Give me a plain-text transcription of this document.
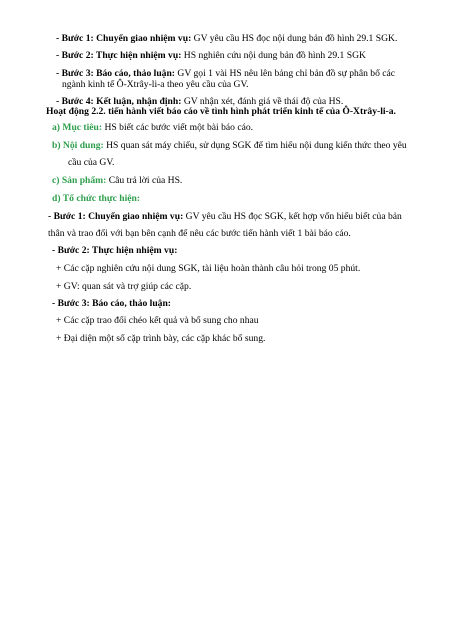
- Bước 1: Chuyển giao nhiệm vụ: GV yêu cầu HS đọc nội dung bản đồ hình 29.1 SGK.
- Bước 2: Thực hiện nhiệm vụ: HS nghiên cứu nội dung bản đồ hình 29.1 SGK
- Bước 3: Báo cáo, thảo luận: GV gọi 1 vài HS nêu lên bảng chỉ bản đồ sự phân bố các
ngành kinh tế Ô-Xtrây-li-a theo yêu cầu của GV.
- Bước 4: Kết luận, nhận định: GV nhận xét, đánh giá về thái độ của HS.
Hoạt động 2.2. tiến hành viết báo cáo về tình hình phát triển kinh tế của Ô-Xtrây-li-a.
a) Mục tiêu: HS biết các bước viết một bài báo cáo.
b) Nội dung: HS quan sát máy chiếu, sử dụng SGK để tìm hiểu nội dung kiến thức theo yêu
cầu của GV.
c) Sản phẩm: Câu trả lời của HS.
d) Tổ chức thực hiện:
- Bước 1: Chuyển giao nhiệm vụ: GV yêu cầu HS đọc SGK, kết hợp vốn hiểu biết của bản
thân và trao đổi với bạn bên cạnh để nêu các bước tiến hành viết 1 bài báo cáo.
- Bước 2: Thực hiện nhiệm vụ:
+ Các cặp nghiên cứu nội dung SGK, tài liệu hoàn thành câu hỏi trong 05 phút.
+ GV: quan sát và trợ giúp các cặp.
- Bước 3: Báo cáo, thảo luận:
+ Các cặp trao đổi chéo kết quả và bổ sung cho nhau
+ Đại diện một số cặp trình bày, các cặp khác bổ sung.
